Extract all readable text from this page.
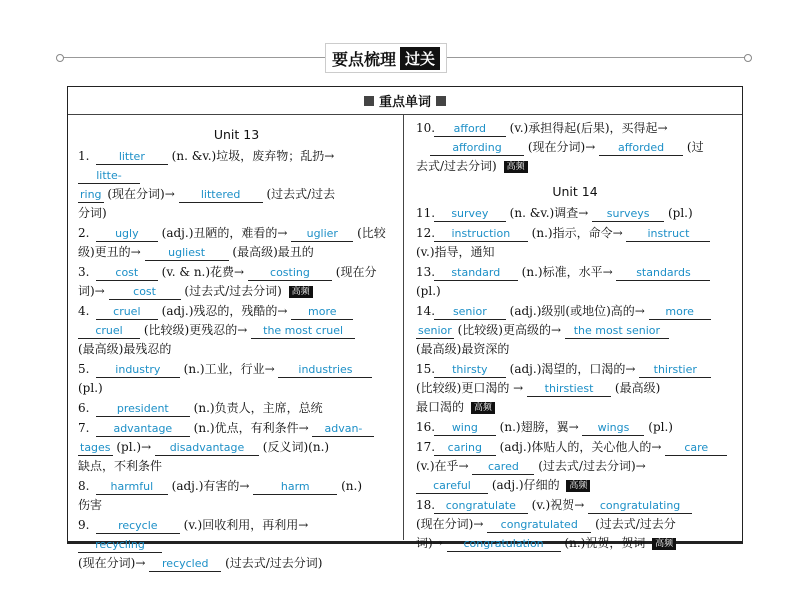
要点梳理 过关
重点单词
Unit 13
1.	litter (n. &v.)垃圾，废弃物；乱扔→ litte-
ring (现在分词)→ littered (过去式/过去
分词)
2. ugly (adj.)丑陋的，难看的→ uglier (比较
级)更丑的→ ugliest (最高级)最丑的
3. cost (v. & n.)花费→ costing (现在分
词)→	cost (过去式/过去分词) 高频
4. cruel (adj.)残忍的，残酷的→ more
cruel (比较级)更残忍的→ the most cruel
(最高级)最残忍的
5. industry (n.)工业，行业→ industries
(pl.)
6. president (n.)负责人，主席，总统
7. advantage (n.)优点，有利条件→ advan-
tages (pl.)→ disadvantage (反义词)(n.)
缺点，不利条件
8. harmful (adj.)有害的→	harm	(n.)
伤害
9.	recycle (v.)回收利用，再利用→ recycling
(现在分词)→ recycled (过去式/过去分词)
10. afford (v.)承担得起(后果)，买得起→
affording (现在分词)→ afforded (过
去式/过去分词) 高频
Unit 14
11. survey (n. &v.)调查→ surveys (pl.)
12. instruction (n.)指示，命令→ instruct
(v.)指导，通知
13. standard (n.)标准，水平→ standards
(pl.)
14. senior (adj.)级别(或地位)高的→ more
senior (比较级)更高级的→ the most senior
(最高级)最资深的
15. thirsty (adj.)渴望的，口渴的→ thirstier
(比较级)更口渴的 → thirstiest (最高级)
最口渴的 高频
16. wing (n.)翅膀，翼→ wings (pl.)
17. caring (adj.)体贴人的，关心他人的→ care
(v.)在乎→ cared (过去式/过去分词)→
careful (adj.)仔细的 高频
18. congratulate (v.)祝贺→ congratulating
(现在分词)→ congratulated (过去式/过去分
词)→ congratulation (n.)祝贺，贺词 高频
